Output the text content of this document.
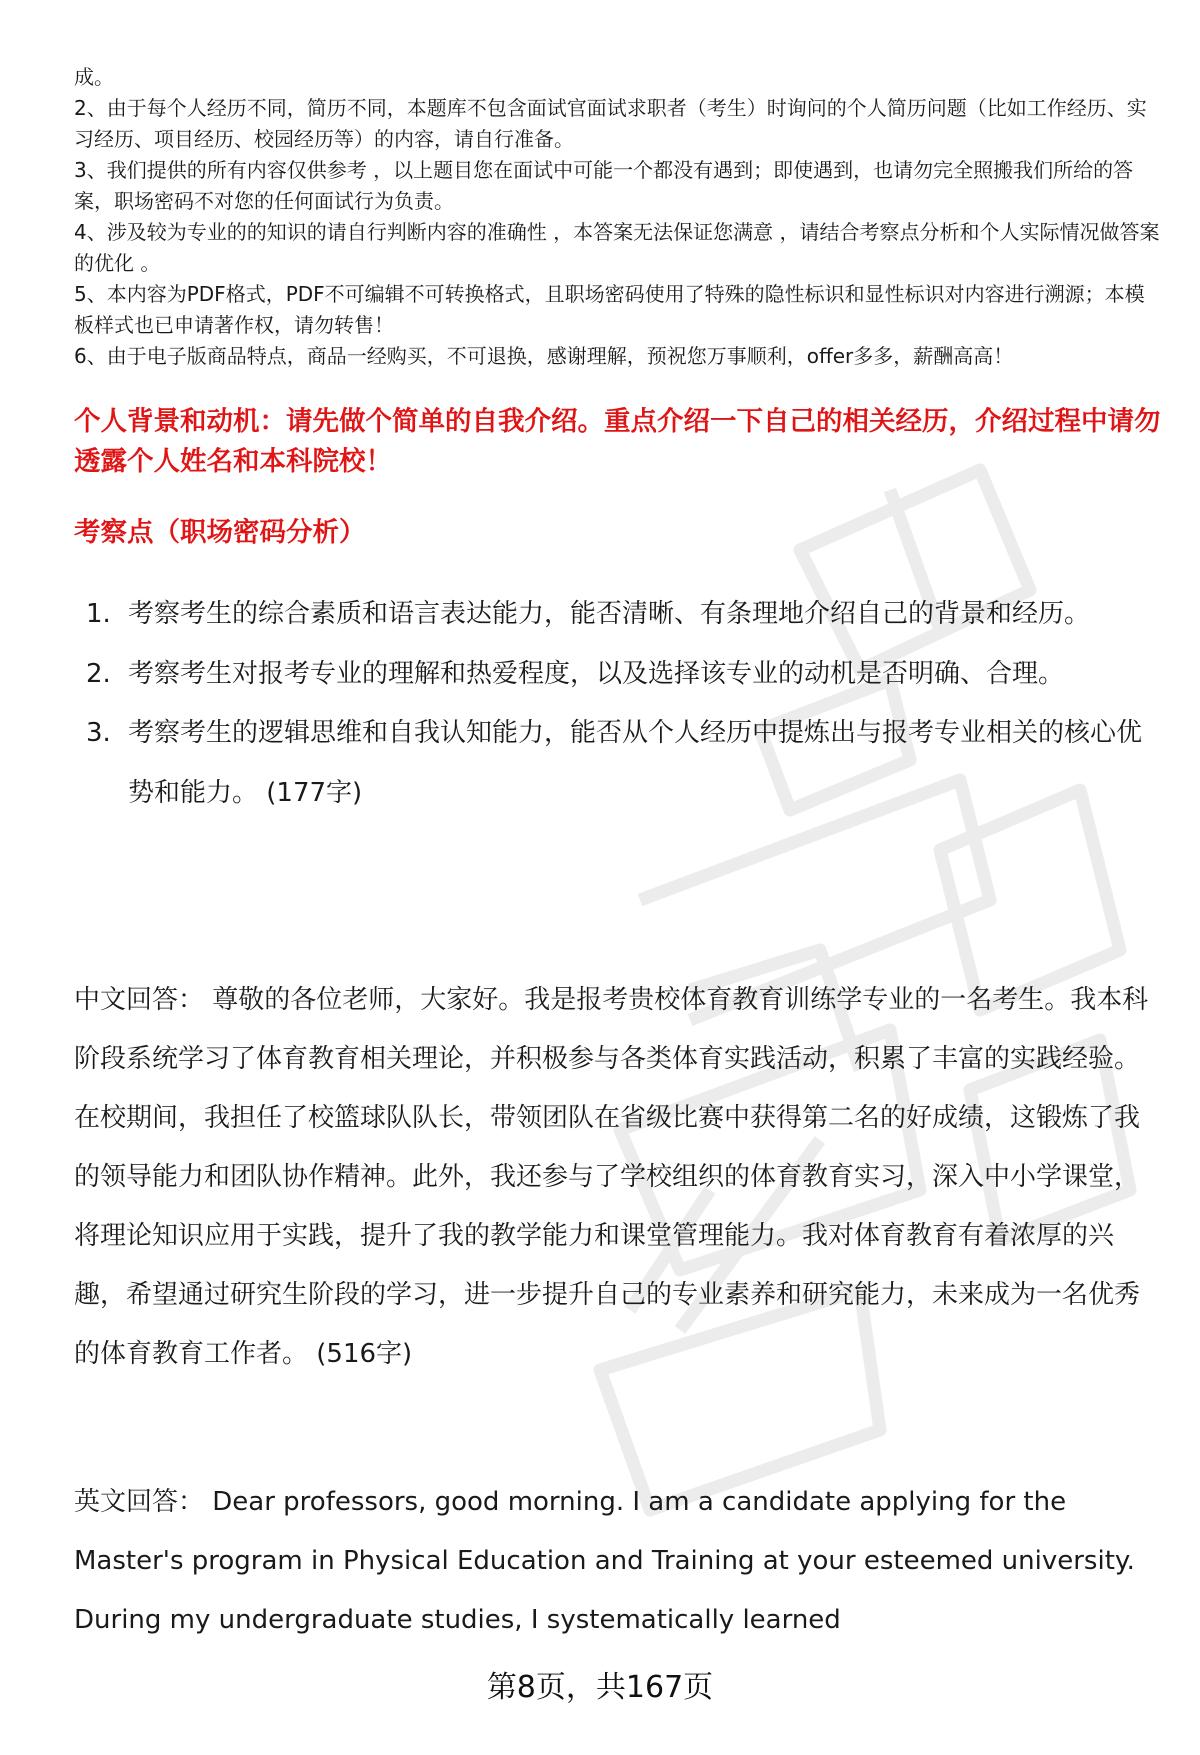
成。

2、由于每个人经历不同，简历不同，本题库不包含面试官面试求职者（考生）时询问的个人简历问题（比如工作经历、实习经历、项目经历、校园经历等）的内容，请自行准备。

3、我们提供的所有内容仅供参考 ，以上题目您在面试中可能一个都没有遇到；即使遇到，也请勿完全照搬我们所给的答案，职场密码不对您的任何面试行为负责。

4、涉及较为专业的的知识的请自行判断内容的准确性 ，本答案无法保证您满意 ，请结合考察点分析和个人实际情况做答案的优化 。

5、本内容为PDF格式，PDF不可编辑不可转换格式，且职场密码使用了特殊的隐性标识和显性标识对内容进行溯源；本模板样式也已申请著作权，请勿转售！

6、由于电子版商品特点，商品一经购买，不可退换，感谢理解，预祝您万事顺利，offer多多，薪酬高高！

个人背景和动机：请先做个简单的自我介绍。重点介绍一下自己的相关经历，介绍过程中请勿透露个人姓名和本科院校！
考察点（职场密码分析）
1. 考察考生的综合素质和语言表达能力，能否清晰、有条理地介绍自己的背景和经历。
2. 考察考生对报考专业的理解和热爱程度，以及选择该专业的动机是否明确、合理。
3. 考察考生的逻辑思维和自我认知能力，能否从个人经历中提炼出与报考专业相关的核心优势和能力。 (177字)

中文回答： 尊敬的各位老师，大家好。我是报考贵校体育教育训练学专业的一名考生。我本科阶段系统学习了体育教育相关理论，并积极参与各类体育实践活动，积累了丰富的实践经验。在校期间，我担任了校篮球队队长，带领团队在省级比赛中获得第二名的好成绩，这锻炼了我的领导能力和团队协作精神。此外，我还参与了学校组织的体育教育实习，深入中小学课堂，将理论知识应用于实践，提升了我的教学能力和课堂管理能力。我对体育教育有着浓厚的兴趣，希望通过研究生阶段的学习，进一步提升自己的专业素养和研究能力，未来成为一名优秀的体育教育工作者。 (516字)

英文回答： Dear professors, good morning. I am a candidate applying for the Master's program in Physical Education and Training at your esteemed university. During my undergraduate studies, I systematically learned

第8页，共167页
